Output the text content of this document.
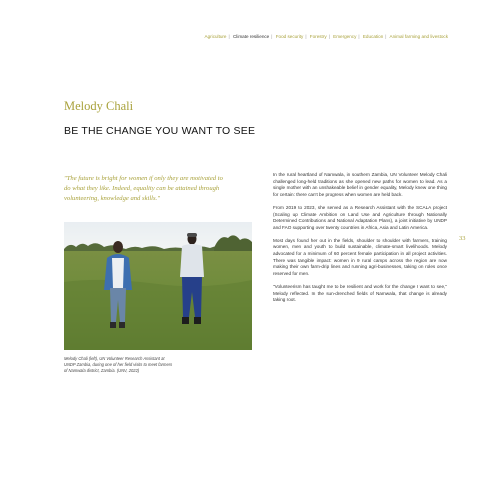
Agriculture | Climate resilience | Food security | Forestry | Emergency | Education | Animal farming and livestock
Melody Chali
BE THE CHANGE YOU WANT TO SEE
"The future is bright for women if only they are motivated to
do what they like. Indeed, equality can be attained through
volunteering, knowledge and skills."
Melody Chali (left), UN Volunteer Research Assistant at
UNDP Zambia, during one of her field visits to meet farmers
of Namwala district, Zambia. (UNV, 2022)

In the rural heartland of Namwala, in southern Zambia, UN Volunteer Melody Chali challenged long-held traditions as she opened new paths for women to lead. As a single mother with an unshakeable belief in gender equality, Melody knew one thing for certain: there can't be progress when women are held back.

From 2019 to 2023, she served as a Research Assistant with the SCALA project (Scaling up Climate Ambition on Land Use and Agriculture through Nationally Determined Contributions and National Adaptation Plans), a joint initiative by UNDP and FAO supporting over twenty countries in Africa, Asia and Latin America.

Most days found her out in the fields, shoulder to shoulder with farmers, training women, men and youth to build sustainable, climate-smart livelihoods. Melody advocated for a minimum of 60 percent female participation in all project activities. There was tangible impact: women in 9 rural camps across the region are now making their own farm-drip lines and running agri-businesses, taking on roles once reserved for men.

"Volunteerism has taught me to be resilient and work for the change I want to see," Melody reflected. In the sun-drenched fields of Namwala, that change is already taking root.

33
